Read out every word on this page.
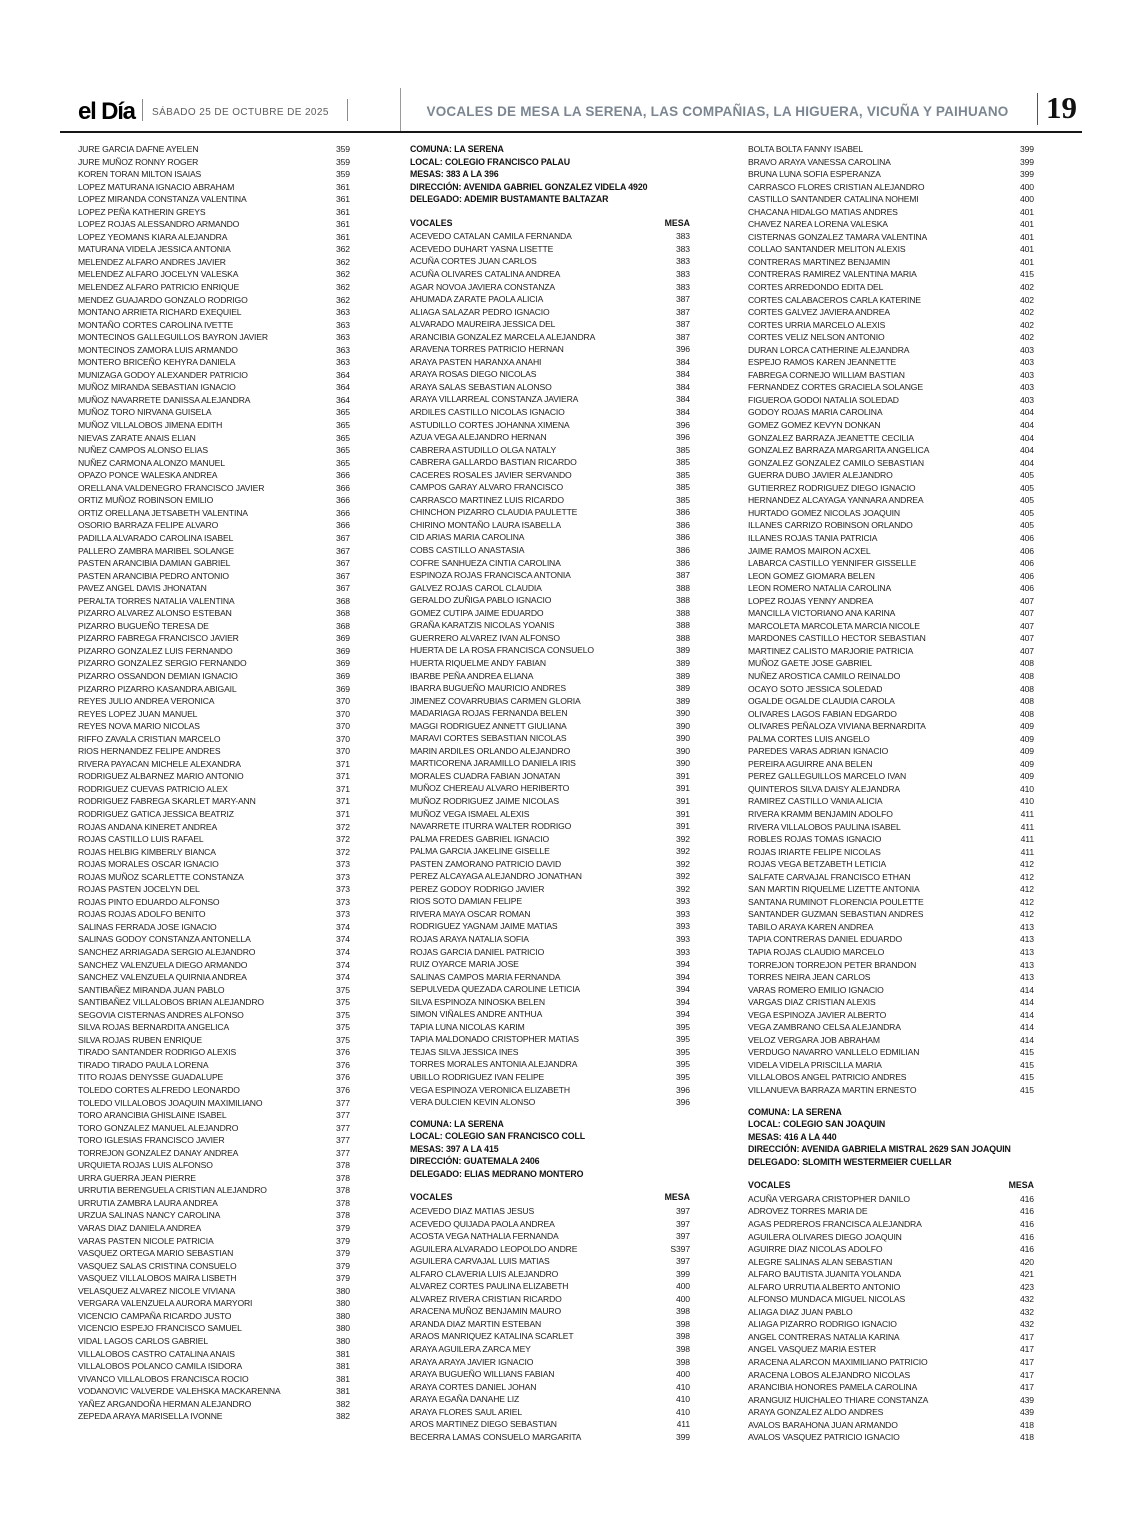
el Día SÁBADO 25 DE OCTUBRE DE 2025	VOCALES DE MESA LA SERENA, LAS COMPAÑIAS, LA HIGUERA, VICUÑA Y PAIHUANO	19
JURE GARCIA DAFNE AYELEN	359
JURE MUÑOZ RONNY ROGER	359
KOREN TORAN MILTON ISAIAS	359
LOPEZ MATURANA IGNACIO ABRAHAM	361
LOPEZ MIRANDA CONSTANZA VALENTINA	361
LOPEZ PEÑA KATHERIN GREYS	361
LOPEZ ROJAS ALESSANDRO ARMANDO	361
LOPEZ YEOMANS KIARA ALEJANDRA	361
MATURANA VIDELA JESSICA ANTONIA	362
MELENDEZ ALFARO ANDRES JAVIER	362
MELENDEZ ALFARO JOCELYN VALESKA	362
MELENDEZ ALFARO PATRICIO ENRIQUE	362
MENDEZ GUAJARDO GONZALO RODRIGO	362
MONTANO ARRIETA RICHARD EXEQUIEL	363
MONTAÑO CORTES CAROLINA IVETTE	363
MONTECINOS GALLEGUILLOS BAYRON JAVIER	363
MONTECINOS ZAMORA LUIS ARMANDO	363
MONTERO BRICEÑO KEHYRA DANIELA	363
MUNIZAGA GODOY ALEXANDER PATRICIO	364
MUÑOZ MIRANDA SEBASTIAN IGNACIO	364
MUÑOZ NAVARRETE DANISSA ALEJANDRA	364
MUÑOZ TORO NIRVANA GUISELA	365
MUÑOZ VILLALOBOS JIMENA EDITH	365
NIEVAS ZARATE ANAIS ELIAN	365
NUÑEZ CAMPOS ALONSO ELIAS	365
NUÑEZ CARMONA ALONZO MANUEL	365
OPAZO PONCE WALESKA ANDREA	366
ORELLANA VALDENEGRO FRANCISCO JAVIER	366
ORTIZ MUÑOZ ROBINSON EMILIO	366
ORTIZ ORELLANA JETSABETH VALENTINA	366
OSORIO BARRAZA FELIPE ALVARO	366
PADILLA ALVARADO CAROLINA ISABEL	367
PALLERO ZAMBRA MARIBEL SOLANGE	367
PASTEN ARANCIBIA DAMIAN GABRIEL	367
PASTEN ARANCIBIA PEDRO ANTONIO	367
PAVEZ ANGEL DAVIS JHONATAN	367
PERALTA TORRES NATALIA VALENTINA	368
PIZARRO ALVAREZ ALONSO ESTEBAN	368
PIZARRO BUGUEÑO TERESA DE	368
PIZARRO FABREGA FRANCISCO JAVIER	369
PIZARRO GONZALEZ LUIS FERNANDO	369
PIZARRO GONZALEZ SERGIO FERNANDO	369
PIZARRO OSSANDON DEMIAN IGNACIO	369
PIZARRO PIZARRO KASANDRA ABIGAIL	369
REYES JULIO ANDREA VERONICA	370
REYES LOPEZ JUAN MANUEL	370
REYES NOVA MARIO NICOLAS	370
RIFFO ZAVALA CRISTIAN MARCELO	370
RIOS HERNANDEZ FELIPE ANDRES	370
RIVERA PAYACAN MICHELE ALEXANDRA	371
RODRIGUEZ ALBARNEZ MARIO ANTONIO	371
RODRIGUEZ CUEVAS PATRICIO ALEX	371
RODRIGUEZ FABREGA SKARLET MARY-ANN	371
RODRIGUEZ GATICA JESSICA BEATRIZ	371
ROJAS ANDANA KINERET ANDREA	372
ROJAS CASTILLO LUIS RAFAEL	372
ROJAS HELBIG KIMBERLY BIANCA	372
ROJAS MORALES OSCAR IGNACIO	373
ROJAS MUÑOZ SCARLETTE CONSTANZA	373
ROJAS PASTEN JOCELYN DEL	373
ROJAS PINTO EDUARDO ALFONSO	373
ROJAS ROJAS ADOLFO BENITO	373
SALINAS FERRADA JOSE IGNACIO	374
SALINAS GODOY CONSTANZA ANTONELLA	374
SANCHEZ ARRIAGADA SERGIO ALEJANDRO	374
SANCHEZ VALENZUELA DIEGO ARMANDO	374
SANCHEZ VALENZUELA QUIRNIA ANDREA	374
SANTIBAÑEZ MIRANDA JUAN PABLO	375
SANTIBAÑEZ VILLALOBOS BRIAN ALEJANDRO	375
SEGOVIA CISTERNAS ANDRES ALFONSO	375
SILVA ROJAS BERNARDITA ANGELICA	375
SILVA ROJAS RUBEN ENRIQUE	375
TIRADO SANTANDER RODRIGO ALEXIS	376
TIRADO TIRADO PAULA LORENA	376
TITO ROJAS DENYSSE GUADALUPE	376
TOLEDO CORTES ALFREDO LEONARDO	376
TOLEDO VILLALOBOS JOAQUIN MAXIMILIANO	377
TORO ARANCIBIA GHISLAINE ISABEL	377
TORO GONZALEZ MANUEL ALEJANDRO	377
TORO IGLESIAS FRANCISCO JAVIER	377
TORREJON GONZALEZ DANAY ANDREA	377
URQUIETA ROJAS LUIS ALFONSO	378
URRA GUERRA JEAN PIERRE	378
URRUTIA BERENGUELA CRISTIAN ALEJANDRO	378
URRUTIA ZAMBRA LAURA ANDREA	378
URZUA SALINAS NANCY CAROLINA	378
VARAS DIAZ DANIELA ANDREA	379
VARAS PASTEN NICOLE PATRICIA	379
VASQUEZ ORTEGA MARIO SEBASTIAN	379
VASQUEZ SALAS CRISTINA CONSUELO	379
VASQUEZ VILLALOBOS MAIRA LISBETH	379
VELASQUEZ ALVAREZ NICOLE VIVIANA	380
VERGARA VALENZUELA AURORA MARYORI	380
VICENCIO CAMPAÑA RICARDO JUSTO	380
VICENCIO ESPEJO FRANCISCO SAMUEL	380
VIDAL LAGOS CARLOS GABRIEL	380
VILLALOBOS CASTRO CATALINA ANAIS	381
VILLALOBOS POLANCO CAMILA ISIDORA	381
VIVANCO VILLALOBOS FRANCISCA ROCIO	381
VODANOVIC VALVERDE VALEHSKA MACKARENNA	381
YAÑEZ ARGANDOÑA HERMAN ALEJANDRO	382
ZEPEDA ARAYA MARISELLA IVONNE	382
COMUNA: LA SERENA
LOCAL: COLEGIO FRANCISCO PALAU
MESAS: 383 A LA 396
DIRECCIÓN: AVENIDA GABRIEL GONZALEZ VIDELA 4920
DELEGADO: ADEMIR BUSTAMANTE BALTAZAR
VOCALES	MESA
ACEVEDO CATALAN CAMILA FERNANDA	383
ACEVEDO DUHART YASNA LISETTE	383
ACUÑA CORTES JUAN CARLOS	383
ACUÑA OLIVARES CATALINA ANDREA	383
AGAR NOVOA JAVIERA CONSTANZA	383
AHUMADA ZARATE PAOLA ALICIA	387
ALIAGA SALAZAR PEDRO IGNACIO	387
ALVARADO MAUREIRA JESSICA DEL	387
ARANCIBIA GONZALEZ MARCELA ALEJANDRA	387
ARAVENA TORRES PATRICIO HERNAN	396
ARAYA PASTEN HARANXA ANAHI	384
ARAYA ROSAS DIEGO NICOLAS	384
ARAYA SALAS SEBASTIAN ALONSO	384
ARAYA VILLARREAL CONSTANZA JAVIERA	384
ARDILES CASTILLO NICOLAS IGNACIO	384
ASTUDILLO CORTES JOHANNA XIMENA	396
AZUA VEGA ALEJANDRO HERNAN	396
CABRERA ASTUDILLO OLGA NATALY	385
CABRERA GALLARDO BASTIAN RICARDO	385
CACERES ROSALES JAVIER SERVANDO	385
CAMPOS GARAY ALVARO FRANCISCO	385
CARRASCO MARTINEZ LUIS RICARDO	385
CHINCHON PIZARRO CLAUDIA PAULETTE	386
CHIRINO MONTAÑO LAURA ISABELLA	386
CID ARIAS MARIA CAROLINA	386
COBS CASTILLO ANASTASIA	386
COFRE SANHUEZA CINTIA CAROLINA	386
ESPINOZA ROJAS FRANCISCA ANTONIA	387
GALVEZ ROJAS CAROL CLAUDIA	388
GERALDO ZUÑIGA PABLO IGNACIO	388
GOMEZ CUTIPA JAIME EDUARDO	388
GRAÑA KARATZIS NICOLAS YOANIS	388
GUERRERO ALVAREZ IVAN ALFONSO	388
HUERTA DE LA ROSA FRANCISCA CONSUELO	389
HUERTA RIQUELME ANDY FABIAN	389
IBARBE PEÑA ANDREA ELIANA	389
IBARRA BUGUEÑO MAURICIO ANDRES	389
JIMENEZ COVARRUBIAS CARMEN GLORIA	389
MADARIAGA ROJAS FERNANDA BELEN	390
MAGGI RODRIGUEZ ANNETT GIULIANA	390
MARAVI CORTES SEBASTIAN NICOLAS	390
MARIN ARDILES ORLANDO ALEJANDRO	390
MARTICORENA JARAMILLO DANIELA IRIS	390
MORALES CUADRA FABIAN JONATAN	391
MUÑOZ CHEREAU ALVARO HERIBERTO	391
MUÑOZ RODRIGUEZ JAIME NICOLAS	391
MUÑOZ VEGA ISMAEL ALEXIS	391
NAVARRETE ITURRA WALTER RODRIGO	391
PALMA FREDES GABRIEL IGNACIO	392
PALMA GARCIA JAKELINE GISELLE	392
PASTEN ZAMORANO PATRICIO DAVID	392
PEREZ ALCAYAGA ALEJANDRO JONATHAN	392
PEREZ GODOY RODRIGO JAVIER	392
RIOS SOTO DAMIAN FELIPE	393
RIVERA MAYA OSCAR ROMAN	393
RODRIGUEZ YAGNAM JAIME MATIAS	393
ROJAS ARAYA NATALIA SOFIA	393
ROJAS GARCIA DANIEL PATRICIO	393
RUIZ OYARCE MARIA JOSE	394
SALINAS CAMPOS MARIA FERNANDA	394
SEPULVEDA QUEZADA CAROLINE LETICIA	394
SILVA ESPINOZA NINOSKA BELEN	394
SIMON VIÑALES ANDRE ANTHUA	394
TAPIA LUNA NICOLAS KARIM	395
TAPIA MALDONADO CRISTOPHER MATIAS	395
TEJAS SILVA JESSICA INES	395
TORRES MORALES ANTONIA ALEJANDRA	395
UBILLO RODRIGUEZ IVAN FELIPE	395
VEGA ESPINOZA VERONICA ELIZABETH	396
VERA DULCIEN KEVIN ALONSO	396
COMUNA: LA SERENA
LOCAL: COLEGIO SAN FRANCISCO COLL
MESAS: 397 A LA 415
DIRECCIÓN: GUATEMALA 2406
DELEGADO: ELIAS MEDRANO MONTERO
VOCALES	MESA
ACEVEDO DIAZ MATIAS JESUS	397
ACEVEDO QUIJADA PAOLA ANDREA	397
ACOSTA VEGA NATHALIA FERNANDA	397
AGUILERA ALVARADO LEOPOLDO ANDRE	S397
AGUILERA CARVAJAL LUIS MATIAS	397
ALFARO CLAVERIA LUIS ALEJANDRO	399
ALVAREZ CORTES PAULINA ELIZABETH	400
ALVAREZ RIVERA CRISTIAN RICARDO	400
ARACENA MUÑOZ BENJAMIN MAURO	398
ARANDA DIAZ MARTIN ESTEBAN	398
ARAOS MANRIQUEZ KATALINA SCARLET	398
ARAYA AGUILERA ZARCA MEY	398
ARAYA ARAYA JAVIER IGNACIO	398
ARAYA BUGUEÑO WILLIANS FABIAN	400
ARAYA CORTES DANIEL JOHAN	410
ARAYA EGAÑA DANAHE LIZ	410
ARAYA FLORES SAUL ARIEL	410
AROS MARTINEZ DIEGO SEBASTIAN	411
BECERRA LAMAS CONSUELO MARGARITA	399
BOLTA BOLTA FANNY ISABEL	399
BRAVO ARAYA VANESSA CAROLINA	399
BRUNA LUNA SOFIA ESPERANZA	399
CARRASCO FLORES CRISTIAN ALEJANDRO	400
CASTILLO SANTANDER CATALINA NOHEMI	400
CHACANA HIDALGO MATIAS ANDRES	401
CHAVEZ NAREA LORENA VALESKA	401
CISTERNAS GONZALEZ TAMARA VALENTINA	401
COLLAO SANTANDER MELITON ALEXIS	401
CONTRERAS MARTINEZ BENJAMIN	401
CONTRERAS RAMIREZ VALENTINA MARIA	415
CORTES ARREDONDO EDITA DEL	402
CORTES CALABACEROS CARLA KATERINE	402
CORTES GALVEZ JAVIERA ANDREA	402
CORTES URRIA MARCELO ALEXIS	402
CORTES VELIZ NELSON ANTONIO	402
DURAN LORCA CATHERINE ALEJANDRA	403
ESPEJO RAMOS KAREN JEANNETTE	403
FABREGA CORNEJO WILLIAM BASTIAN	403
FERNANDEZ CORTES GRACIELA SOLANGE	403
FIGUEROA GODOI NATALIA SOLEDAD	403
GODOY ROJAS MARIA CAROLINA	404
GOMEZ GOMEZ KEVYN DONKAN	404
GONZALEZ BARRAZA JEANETTE CECILIA	404
GONZALEZ BARRAZA MARGARITA ANGELICA	404
GONZALEZ GONZALEZ CAMILO SEBASTIAN	404
GUERRA DUBO JAVIER ALEJANDRO	405
GUTIERREZ RODRIGUEZ DIEGO IGNACIO	405
HERNANDEZ ALCAYAGA YANNARA ANDREA	405
HURTADO GOMEZ NICOLAS JOAQUIN	405
ILLANES CARRIZO ROBINSON ORLANDO	405
ILLANES ROJAS TANIA PATRICIA	406
JAIME RAMOS MAIRON ACXEL	406
LABARCA CASTILLO YENNIFER GISSELLE	406
LEON GOMEZ GIOMARA BELEN	406
LEON ROMERO NATALIA CAROLINA	406
LOPEZ ROJAS YENNY ANDREA	407
MANCILLA VICTORIANO ANA KARINA	407
MARCOLETA MARCOLETA MARCIA NICOLE	407
MARDONES CASTILLO HECTOR SEBASTIAN	407
MARTINEZ CALISTO MARJORIE PATRICIA	407
MUÑOZ GAETE JOSE GABRIEL	408
NUÑEZ AROSTICA CAMILO REINALDO	408
OCAYO SOTO JESSICA SOLEDAD	408
OGALDE OGALDE CLAUDIA CAROLA	408
OLIVARES LAGOS FABIAN EDGARDO	408
OLIVARES PEÑALOZA VIVIANA BERNARDITA	409
PALMA CORTES LUIS ANGELO	409
PAREDES VARAS ADRIAN IGNACIO	409
PEREIRA AGUIRRE ANA BELEN	409
PEREZ GALLEGUILLOS MARCELO IVAN	409
QUINTEROS SILVA DAISY ALEJANDRA	410
RAMIREZ CASTILLO VANIA ALICIA	410
RIVERA KRAMM BENJAMIN ADOLFO	411
RIVERA VILLALOBOS PAULINA ISABEL	411
ROBLES ROJAS TOMAS IGNACIO	411
ROJAS IRIARTE FELIPE NICOLAS	411
ROJAS VEGA BETZABETH LETICIA	412
SALFATE CARVAJAL FRANCISCO ETHAN	412
SAN MARTIN RIQUELME LIZETTE ANTONIA	412
SANTANA RUMINOT FLORENCIA POULETTE	412
SANTANDER GUZMAN SEBASTIAN ANDRES	412
TABILO ARAYA KAREN ANDREA	413
TAPIA CONTRERAS DANIEL EDUARDO	413
TAPIA ROJAS CLAUDIO MARCELO	413
TORREJON TORREJON PETER BRANDON	413
TORRES NEIRA JEAN CARLOS	413
VARAS ROMERO EMILIO IGNACIO	414
VARGAS DIAZ CRISTIAN ALEXIS	414
VEGA ESPINOZA JAVIER ALBERTO	414
VEGA ZAMBRANO CELSA ALEJANDRA	414
VELOZ VERGARA JOB ABRAHAM	414
VERDUGO NAVARRO VANLLELO EDMILIAN	415
VIDELA VIDELA PRISCILLA MARIA	415
VILLALOBOS ANGEL PATRICIO ANDRES	415
VILLANUEVA BARRAZA MARTIN ERNESTO	415
COMUNA: LA SERENA
LOCAL: COLEGIO SAN JOAQUIN
MESAS: 416 A LA 440
DIRECCIÓN: AVENIDA GABRIELA MISTRAL 2629 SAN JOAQUIN
DELEGADO: SLOMITH WESTERMEIER CUELLAR
VOCALES	MESA
ACUÑA VERGARA CRISTOPHER DANILO	416
ADROVEZ TORRES MARIA DE	416
AGAS PEDREROS FRANCISCA ALEJANDRA	416
AGUILERA OLIVARES DIEGO JOAQUIN	416
AGUIRRE DIAZ NICOLAS ADOLFO	416
ALEGRE SALINAS ALAN SEBASTIAN	420
ALFARO BAUTISTA JUANITA YOLANDA	421
ALFARO URRUTIA ALBERTO ANTONIO	423
ALFONSO MUNDACA MIGUEL NICOLAS	432
ALIAGA DIAZ JUAN PABLO	432
ALIAGA PIZARRO RODRIGO IGNACIO	432
ANGEL CONTRERAS NATALIA KARINA	417
ANGEL VASQUEZ MARIA ESTER	417
ARACENA ALARCON MAXIMILIANO PATRICIO	417
ARACENA LOBOS ALEJANDRO NICOLAS	417
ARANCIBIA HONORES PAMELA CAROLINA	417
ARANGUIZ HUICHALEO THIARE CONSTANZA	439
ARAYA GONZALEZ ALDO ANDRES	439
AVALOS BARAHONA JUAN ARMANDO	418
AVALOS VASQUEZ PATRICIO IGNACIO	418
